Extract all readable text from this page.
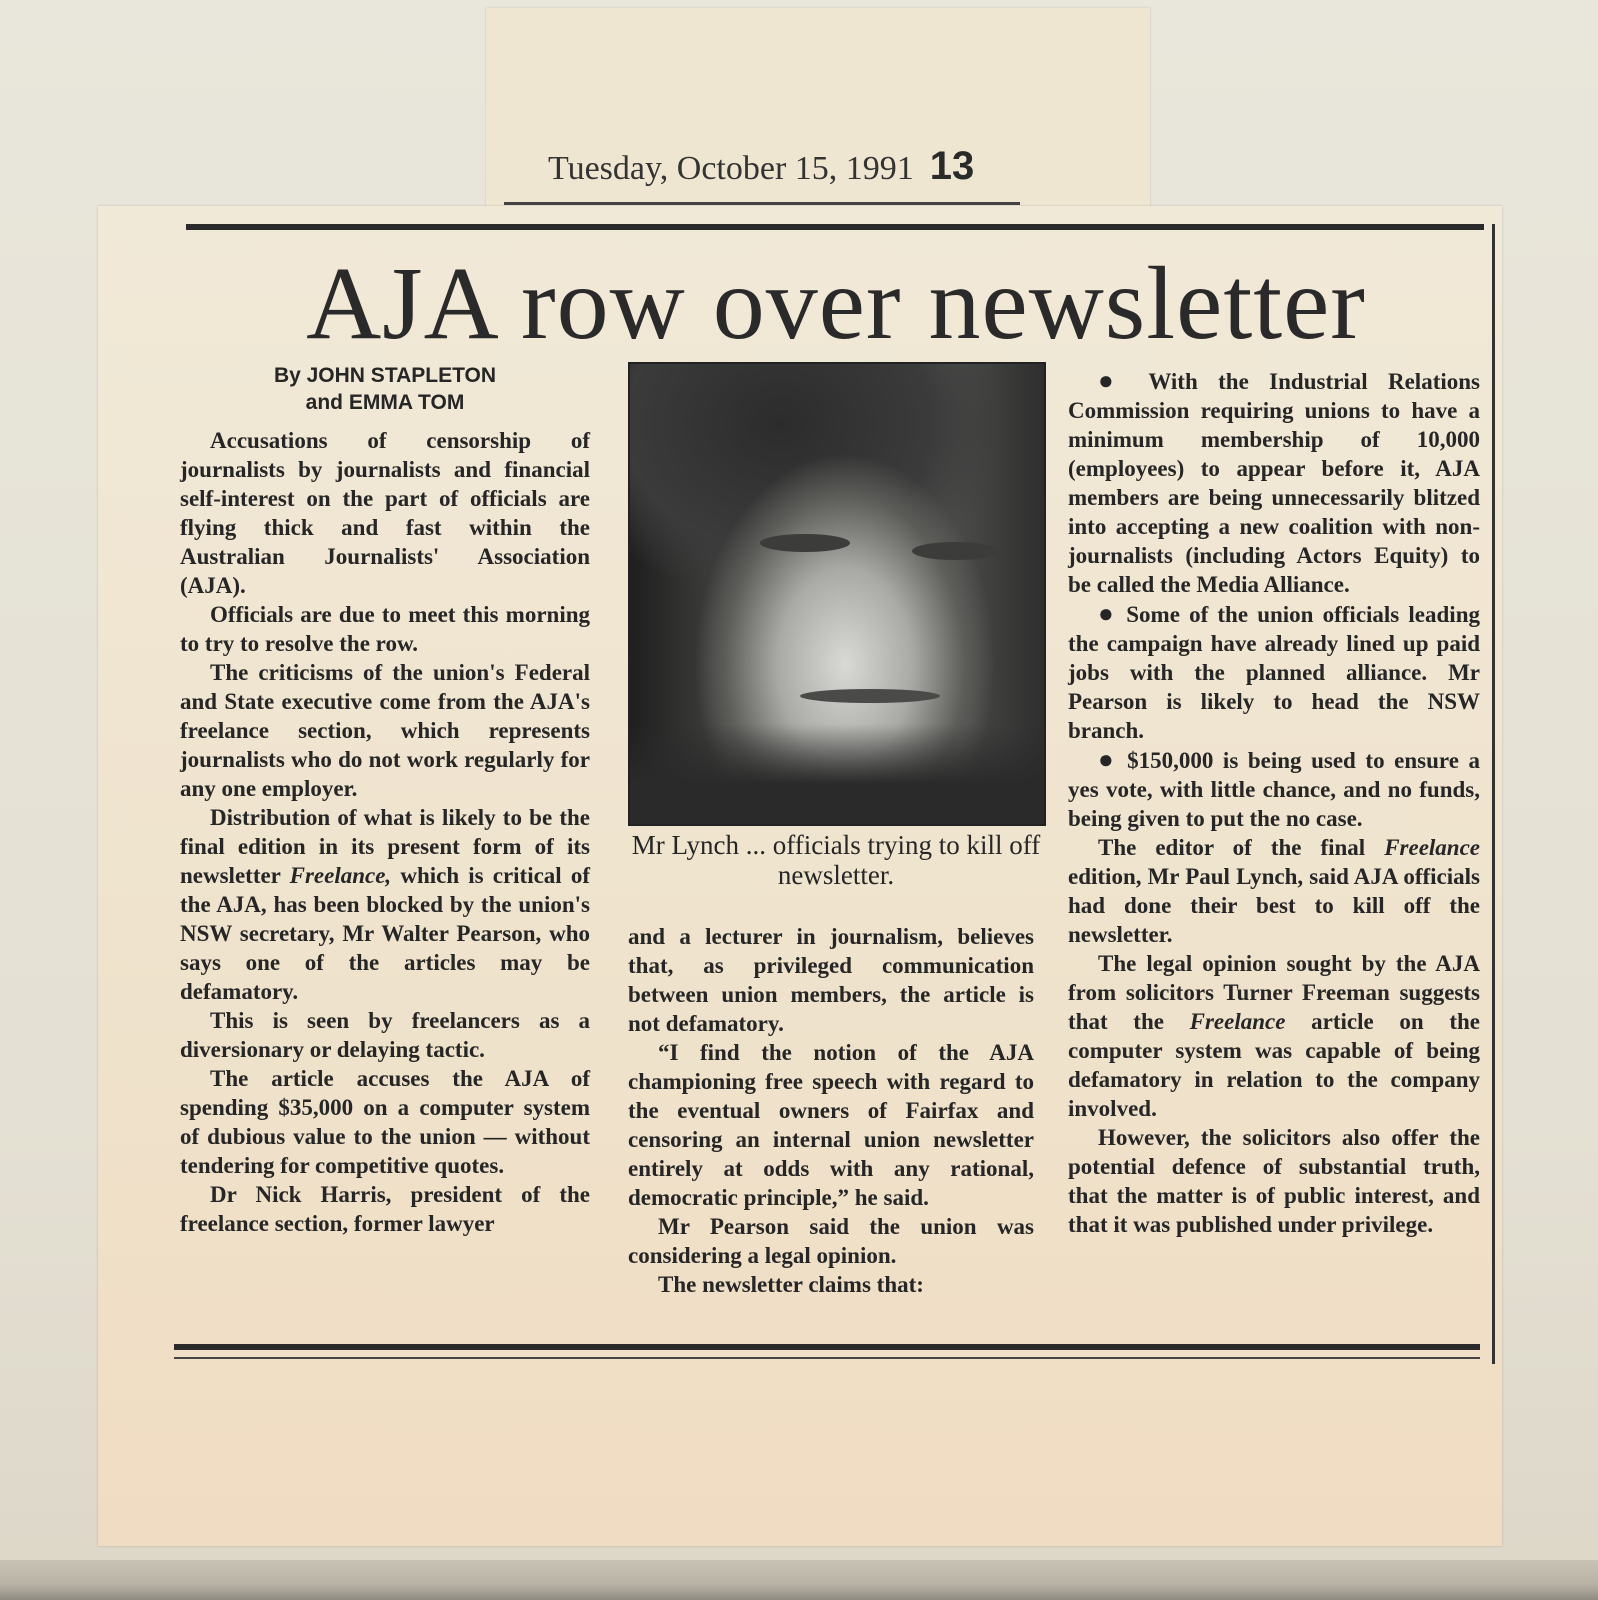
Tuesday, October 15, 1991 13
AJA row over newsletter
By JOHN STAPLETON
and EMMA TOM

Accusations of censorship of journalists by journalists and financial self-interest on the part of officials are flying thick and fast within the Australian Journalists' Association (AJA).

Officials are due to meet this morning to try to resolve the row.

The criticisms of the union's Federal and State executive come from the AJA's freelance section, which represents journalists who do not work regularly for any one employer.

Distribution of what is likely to be the final edition in its present form of its newsletter Freelance, which is critical of the AJA, has been blocked by the union's NSW secretary, Mr Walter Pearson, who says one of the articles may be defamatory.

This is seen by freelancers as a diversionary or delaying tactic.

The article accuses the AJA of spending $35,000 on a computer system of dubious value to the union — without tendering for competitive quotes.

Dr Nick Harris, president of the freelance section, former lawyer

Mr Lynch ... officials trying to kill off newsletter.

and a lecturer in journalism, believes that, as privileged communication between union members, the article is not defamatory.

“I find the notion of the AJA championing free speech with regard to the eventual owners of Fairfax and censoring an internal union newsletter entirely at odds with any rational, democratic principle,” he said.

Mr Pearson said the union was considering a legal opinion.

The newsletter claims that:

● With the Industrial Relations Commission requiring unions to have a minimum membership of 10,000 (employees) to appear before it, AJA members are being unnecessarily blitzed into accepting a new coalition with non-journalists (including Actors Equity) to be called the Media Alliance.

● Some of the union officials leading the campaign have already lined up paid jobs with the planned alliance. Mr Pearson is likely to head the NSW branch.

● $150,000 is being used to ensure a yes vote, with little chance, and no funds, being given to put the no case.

The editor of the final Freelance edition, Mr Paul Lynch, said AJA officials had done their best to kill off the newsletter.

The legal opinion sought by the AJA from solicitors Turner Freeman suggests that the Freelance article on the computer system was capable of being defamatory in relation to the company involved.

However, the solicitors also offer the potential defence of substantial truth, that the matter is of public interest, and that it was published under privilege.
